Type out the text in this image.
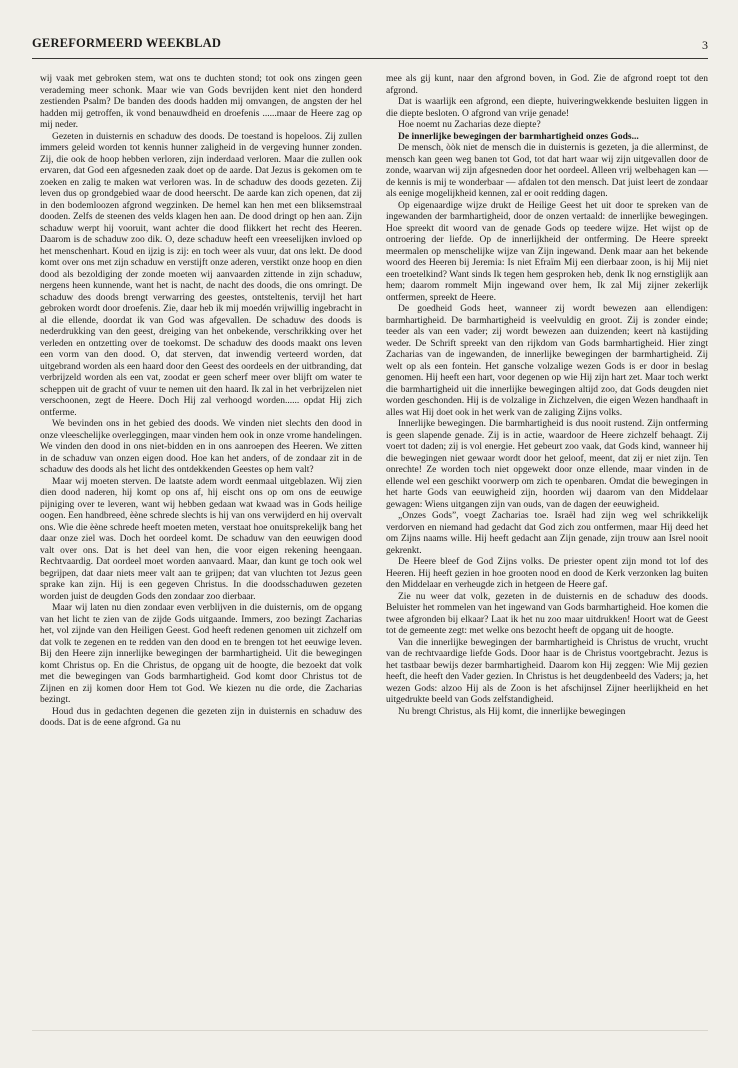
GEREFORMEERD WEEKBLAD	3

wij vaak met gebroken stem, wat ons te duchten stond; tot ook ons zingen geen verademing meer schonk. Maar wie van Gods bevrijden kent niet den honderd zestienden Psalm? De banden des doods hadden mij omvangen, de angsten der hel hadden mij getroffen, ik vond benauwdheid en droefenis ......maar de Heere zag op mij neder.

Gezeten in duisternis en schaduw des doods. De toestand is hopeloos. Zij zullen immers geleid worden tot kennis hunner zaligheid in de vergeving hunner zonden. Zij, die ook de hoop hebben verloren, zijn inderdaad verloren. Maar die zullen ook ervaren, dat God een afgesneden zaak doet op de aarde. Dat Jezus is gekomen om te zoeken en zalig te maken wat verloren was. In de schaduw des doods gezeten. Zij leven dus op grondgebied waar de dood heerscht. De aarde kan zich openen, dat zij in den bodemloozen afgrond wegzinken. De hemel kan hen met een bliksemstraal dooden. Zelfs de steenen des velds klagen hen aan. De dood dringt op hen aan. Zijn schaduw werpt hij vooruit, want achter die dood flikkert het recht des Heeren. Daarom is de schaduw zoo dik. O, deze schaduw heeft een vreeselijken invloed op het menschenhart. Koud en ijzig is zij: en toch weer als vuur, dat ons lekt. De dood komt over ons met zijn schaduw en verstijft onze aderen, verstikt onze hoop en dien dood als bezoldiging der zonde moeten wij aanvaarden zittende in zijn schaduw, nergens heen kunnende, want het is nacht, de nacht des doods, die ons omringt. De schaduw des doods brengt verwarring des geestes, ontsteltenis, tervijl het hart gebroken wordt door droefenis. Zie, daar heb ik mij moedén vrijwillig ingebracht in al die ellende, doordat ik van God was afgevallen. De schaduw des doods is nederdrukking van den geest, dreiging van het onbekende, verschrikking over het verleden en ontzetting over de toekomst. De schaduw des doods maakt ons leven een vorm van den dood. O, dat sterven, dat inwendig verteerd worden, dat uitgebrand worden als een haard door den Geest des oordeels en der uitbranding, dat verbrijzeld worden als een vat, zoodat er geen scherf meer over blijft om water te scheppen uit de gracht of vuur te nemen uit den haard. Ik zal in het verbrijzelen niet verschoonen, zegt de Heere. Doch Hij zal verhoogd worden...... opdat Hij zich ontferme.

We bevinden ons in het gebied des doods. We vinden niet slechts den dood in onze vleeschelijke overleggingen, maar vinden hem ook in onze vrome handelingen. We vinden den dood in ons niet-bidden en in ons aanroepen des Heeren. We zitten in de schaduw van onzen eigen dood. Hoe kan het anders, of de zondaar zit in de schaduw des doods als het licht des ontdekkenden Geestes op hem valt?

Maar wij moeten sterven. De laatste adem wordt eenmaal uitgeblazen. Wij zien dien dood naderen, hij komt op ons af, hij eischt ons op om ons de eeuwige pijniging over te leveren, want wij hebben gedaan wat kwaad was in Gods heilige oogen. Een handbreed, èène schrede slechts is hij van ons verwijderd en hij overvalt ons. Wie die èène schrede heeft moeten meten, verstaat hoe onuitsprekelijk bang het daar onze ziel was. Doch het oordeel komt. De schaduw van den eeuwigen dood valt over ons. Dat is het deel van hen, die voor eigen rekening heengaan. Rechtvaardig. Dat oordeel moet worden aanvaard. Maar, dan kunt ge toch ook wel begrijpen, dat daar niets meer valt aan te grijpen; dat van vluchten tot Jezus geen sprake kan zijn. Hij is een gegeven Christus. In die doodsschaduwen gezeten worden juist de deugden Gods den zondaar zoo dierbaar.

Maar wij laten nu dien zondaar even verblijven in die duisternis, om de opgang van het licht te zien van de zijde Gods uitgaande. Immers, zoo bezingt Zacharias het, vol zijnde van den Heiligen Geest. God heeft redenen genomen uit zichzelf om dat volk te zegenen en te redden van den dood en te brengen tot het eeuwige leven. Bij den Heere zijn innerlijke bewegingen der barmhartigheid. Uit die bewegingen komt Christus op. En die Christus, de opgang uit de hoogte, die bezoekt dat volk met die bewegingen van Gods barmhartigheid. God komt door Christus tot de Zijnen en zij komen door Hem tot God. We kiezen nu die orde, die Zacharias bezingt.

Houd dus in gedachten degenen die gezeten zijn in duisternis en schaduw des doods. Dat is de eene afgrond. Ga nu

mee als gij kunt, naar den afgrond boven, in God. Zie de afgrond roept tot den afgrond.

Dat is waarlijk een afgrond, een diepte, huiveringwekkende besluiten liggen in die diepte besloten. O afgrond van vrije genade!

Hoe noemt nu Zacharias deze diepte?

De innerlijke bewegingen der barmhartigheid onzes Gods...

De mensch, òòk niet de mensch die in duisternis is gezeten, ja die allerminst, de mensch kan geen weg banen tot God, tot dat hart waar wij zijn uitgevallen door de zonde, waarvan wij zijn afgesneden door het oordeel. Alleen vrij welbehagen kan — de kennis is mij te wonderbaar — afdalen tot den mensch. Dat juist leert de zondaar als eenige mogelijkheid kennen, zal er ooit redding dagen.

Op eigenaardige wijze drukt de Heilige Geest het uit door te spreken van de ingewanden der barmhartigheid, door de onzen vertaald: de innerlijke bewegingen. Hoe spreekt dit woord van de genade Gods op teedere wijze. Het wijst op de ontroering der liefde. Op de innerlijkheid der ontferming. De Heere spreekt meermalen op menschelijke wijze van Zijn ingewand. Denk maar aan het bekende woord des Heeren bij Jeremia: Is niet Efraïm Mij een dierbaar zoon, is hij Mij niet een troetelkind? Want sinds Ik tegen hem gesproken heb, denk Ik nog ernstiglijk aan hem; daarom rommelt Mijn ingewand over hem, Ik zal Mij zijner zekerlijk ontfermen, spreekt de Heere.

De goedheid Gods heet, wanneer zij wordt bewezen aan ellendigen: barmhartigheid. De barmhartigheid is veelvuldig en groot. Zij is zonder einde; teeder als van een vader; zij wordt bewezen aan duizenden; keert nà kastijding weder. De Schrift spreekt van den rijkdom van Gods barmhartigheid. Hier zingt Zacharias van de ingewanden, de innerlijke bewegingen der barmhartigheid. Zij welt op als een fontein. Het gansche volzalige wezen Gods is er door in beslag genomen. Hij heeft een hart, voor degenen op wie Hij zijn hart zet. Maar toch werkt die barmhartigheid uit die innerlijke bewegingen altijd zoo, dat Gods deugden niet worden geschonden. Hij is de volzalige in Zichzelven, die eigen Wezen handhaaft in alles wat Hij doet ook in het werk van de zaliging Zijns volks.

Innerlijke bewegingen. Die barmhartigheid is dus nooit rustend. Zijn ontferming is geen slapende genade. Zij is in actie, waardoor de Heere zichzelf behaagt. Zij voert tot daden; zij is vol energie. Het gebeurt zoo vaak, dat Gods kind, wanneer hij die bewegingen niet gewaar wordt door het geloof, meent, dat zij er niet zijn. Ten onrechte! Ze worden toch niet opgewekt door onze ellende, maar vinden in de ellende wel een geschikt voorwerp om zich te openbaren. Omdat die bewegingen in het harte Gods van eeuwigheid zijn, hoorden wij daarom van den Middelaar gewagen: Wiens uitgangen zijn van ouds, van de dagen der eeuwigheid.

„Onzes Gods”, voegt Zacharias toe. Israël had zijn weg wel schrikkelijk verdorven en niemand had gedacht dat God zich zou ontfermen, maar Hij deed het om Zijns naams wille. Hij heeft gedacht aan Zijn genade, zijn trouw aan Isrel nooit gekrenkt.

De Heere bleef de God Zijns volks. De priester opent zijn mond tot lof des Heeren. Hij heeft gezien in hoe grooten nood en dood de Kerk verzonken lag buiten den Middelaar en verheugde zich in hetgeen de Heere gaf.

Zie nu weer dat volk, gezeten in de duisternis en de schaduw des doods. Beluister het rommelen van het ingewand van Gods barmhartigheid. Hoe komen die twee afgronden bij elkaar? Laat ik het nu zoo maar uitdrukken! Hoort wat de Geest tot de gemeente zegt: met welke ons bezocht heeft de opgang uit de hoogte.

Van die innerlijke bewegingen der barmhartigheid is Christus de vrucht, vrucht van de rechtvaardige liefde Gods. Door haar is de Christus voortgebracht. Jezus is het tastbaar bewijs dezer barmhartigheid. Daarom kon Hij zeggen: Wie Mij gezien heeft, die heeft den Vader gezien. In Christus is het deugdenbeeld des Vaders; ja, het wezen Gods: alzoo Hij als de Zoon is het afschijnsel Zijner heerlijkheid en het uitgedrukte beeld van Gods zelfstandigheid.

Nu brengt Christus, als Hij komt, die innerlijke bewegingen
